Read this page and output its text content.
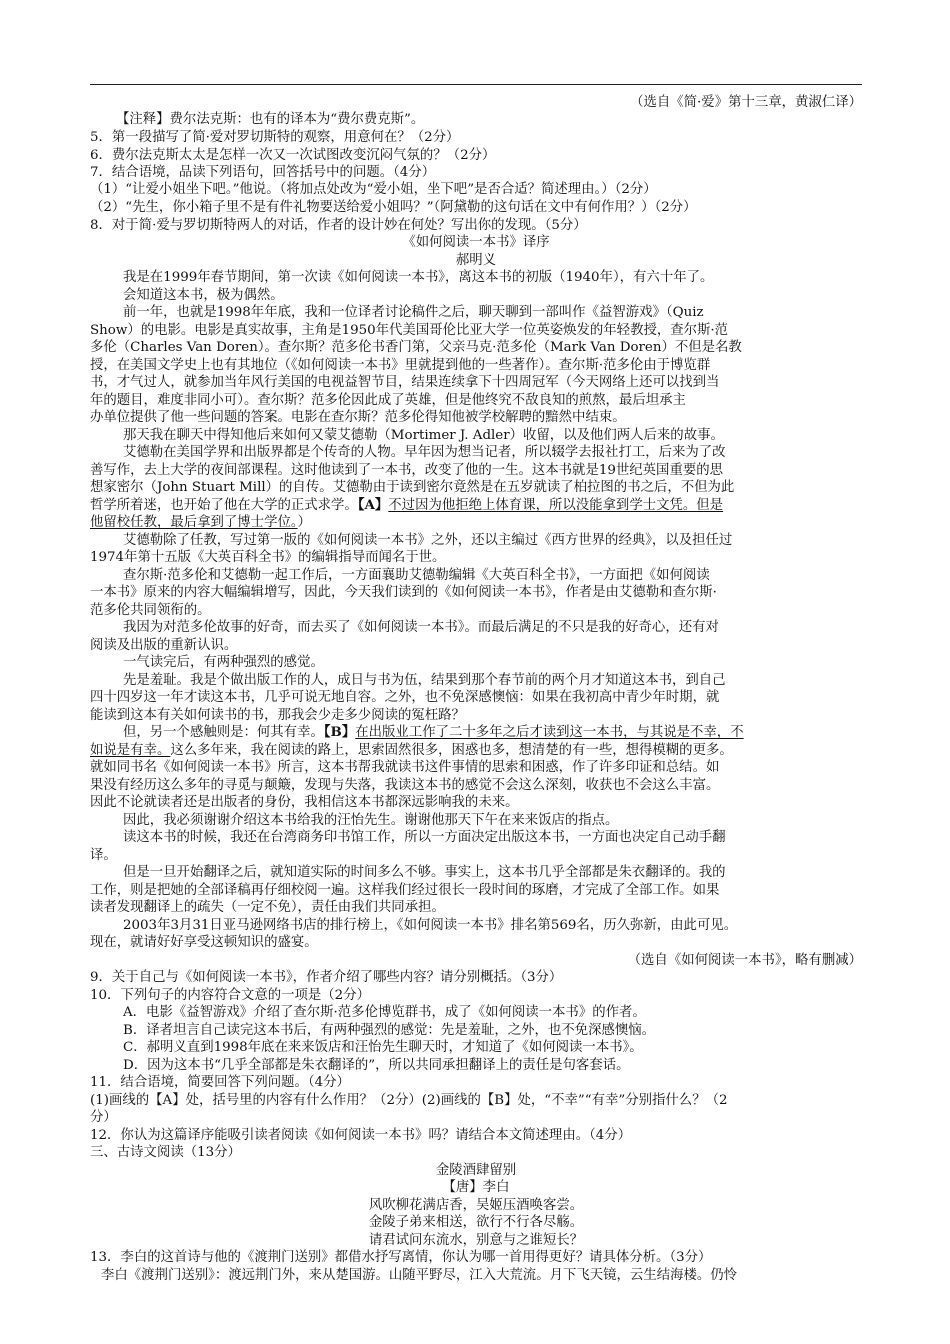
（选自《简·爱》第十三章，黄淑仁译）
【注释】费尔法克斯：也有的译本为“费尔费克斯”。
5．第一段描写了简·爱对罗切斯特的观察，用意何在？（2分）
6．费尔法克斯太太是怎样一次又一次试图改变沉闷气氛的？（2分）
7．结合语境，品读下列语句，回答括号中的问题。（4分）
（1）“让爱小姐坐下吧。”他说。（将加点处改为“爱小姐，坐下吧”是否合适？简述理由。）（2分）
（2）“先生，你小箱子里不是有件礼物要送给爱小姐吗？”（阿黛勒的这句话在文中有何作用？）（2分）
8．对于简·爱与罗切斯特两人的对话，作者的设计妙在何处？写出你的发现。（5分）
《如何阅读一本书》译序
郝明义
我是在1999年春节期间，第一次读《如何阅读一本书》，离这本书的初版（1940年），有六十年了。
会知道这本书，极为偶然。
前一年，也就是1998年年底，我和一位译者讨论稿件之后，聊天聊到一部叫作《益智游戏》（Quiz
Show）的电影。电影是真实故事，主角是1950年代美国哥伦比亚大学一位英姿焕发的年轻教授，查尔斯·范
多伦（Charles Van Doren）。查尔斯？范多伦书香门第，父亲马克·范多伦（Mark Van Doren）不但是名教
授，在美国文学史上也有其地位（《如何阅读一本书》里就提到他的一些著作）。查尔斯·范多伦由于博览群
书，才气过人，就参加当年风行美国的电视益智节目，结果连续拿下十四周冠军（今天网络上还可以找到当
年的题目，难度非同小可）。查尔斯？范多伦因此成了英雄，但是他终究不敌良知的煎熬，最后坦承主
办单位提供了他一些问题的答案。电影在查尔斯？范多伦得知他被学校解聘的黯然中结束。
那天我在聊天中得知他后来如何又蒙艾德勒（Mortimer J. Adler）收留，以及他们两人后来的故事。
艾德勒在美国学界和出版界都是个传奇的人物。早年因为想当记者，所以辍学去报社打工，后来为了改
善写作，去上大学的夜间部课程。这时他读到了一本书，改变了他的一生。这本书就是19世纪英国重要的思
想家密尔（John Stuart Mill）的自传。艾德勒由于读到密尔竟然是在五岁就读了柏拉图的书之后，不但为此
哲学所着迷，也开始了他在大学的正式求学。【A】不过因为他拒绝上体育课，所以没能拿到学士文凭。但是
他留校任教，最后拿到了博士学位。）
艾德勒除了任教，写过第一版的《如何阅读一本书》之外，还以主编过《西方世界的经典》，以及担任过
1974年第十五版《大英百科全书》的编辑指导而闻名于世。
查尔斯·范多伦和艾德勒一起工作后，一方面襄助艾德勒编辑《大英百科全书》，一方面把《如何阅读
一本书》原来的内容大幅编辑增写，因此，今天我们读到的《如何阅读一本书》，作者是由艾德勒和查尔斯·
范多伦共同领衔的。
我因为对范多伦故事的好奇，而去买了《如何阅读一本书》。而最后满足的不只是我的好奇心，还有对
阅读及出版的重新认识。
一气读完后，有两种强烈的感觉。
先是羞耻。我是个做出版工作的人，成日与书为伍，结果到那个春节前的两个月才知道这本书，到自己
四十四岁这一年才读这本书，几乎可说无地自容。之外，也不免深感懊恼：如果在我初高中青少年时期，就
能读到这本有关如何读书的书，那我会少走多少阅读的冤枉路？
但，另一个感触则是：何其有幸。【B】在出版业工作了二十多年之后才读到这一本书，与其说是不幸，不
如说是有幸。这么多年来，我在阅读的路上，思索固然很多，困惑也多，想清楚的有一些，想得模糊的更多。
就如同书名《如何阅读一本书》所言，这本书帮我就读书这件事情的思索和困惑，作了许多印证和总结。如
果没有经历这么多年的寻觅与颠簸，发现与失落，我读这本书的感觉不会这么深刻，收获也不会这么丰富。
因此不论就读者还是出版者的身份，我相信这本书都深远影响我的未来。
因此，我必须谢谢介绍这本书给我的汪怡先生。谢谢他那天下午在来来饭店的指点。
读这本书的时候，我还在台湾商务印书馆工作，所以一方面决定出版这本书，一方面也决定自己动手翻
译。
但是一旦开始翻译之后，就知道实际的时间多么不够。事实上，这本书几乎全部都是朱衣翻译的。我的
工作，则是把她的全部译稿再仔细校阅一遍。这样我们经过很长一段时间的琢磨，才完成了全部工作。如果
读者发现翻译上的疏失（一定不免），责任由我们共同承担。
2003年3月31日亚马逊网络书店的排行榜上，《如何阅读一本书》排名第569名，历久弥新，由此可见。
现在，就请好好享受这顿知识的盛宴。
（选自《如何阅读一本书》，略有删减）
9．关于自己与《如何阅读一本书》，作者介绍了哪些内容？请分别概括。（3分）
10．下列句子的内容符合文意的一项是（2分）
A．电影《益智游戏》介绍了查尔斯·范多伦博览群书，成了《如何阅读一本书》的作者。
B．译者坦言自己读完这本书后，有两种强烈的感觉：先是羞耻，之外，也不免深感懊恼。
C．郝明义直到1998年底在来来饭店和汪怡先生聊天时，才知道了《如何阅读一本书》。
D．因为这本书“几乎全部都是朱衣翻译的”，所以共同承担翻译上的责任是句客套话。
11．结合语境，简要回答下列问题。（4分）
(1)画线的【A】处，括号里的内容有什么作用？（2分）(2)画线的【B】处，“不幸”“有幸”分别指什么？（2
分）
12．你认为这篇译序能吸引读者阅读《如何阅读一本书》吗？请结合本文简述理由。（4分）
三、古诗文阅读（13分）
金陵酒肆留别
【唐】李白
风吹柳花满店香，吴姬压酒唤客尝。
金陵子弟来相送，欲行不行各尽觞。
请君试问东流水，别意与之谁短长？
13．李白的这首诗与他的《渡荆门送别》都借水抒写离情，你认为哪一首用得更好？请具体分析。（3分）
李白《渡荆门送别》：渡远荆门外，来从楚国游。山随平野尽，江入大荒流。月下飞天镜，云生结海楼。仍怜
